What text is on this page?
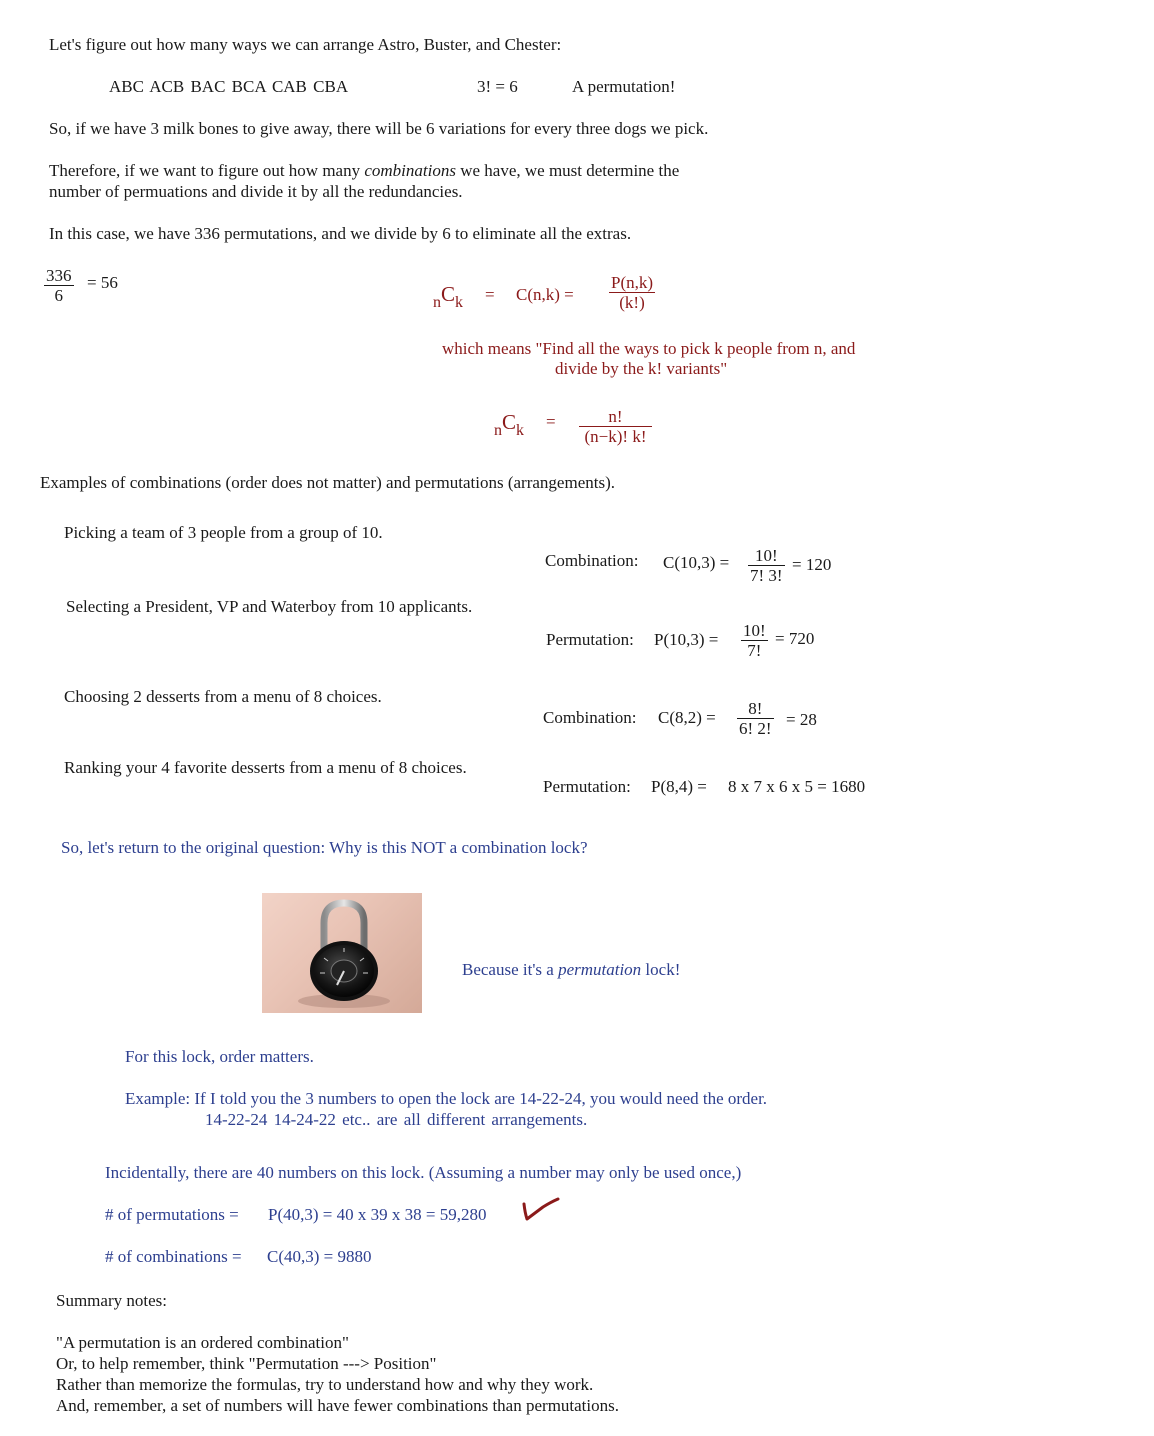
Let's figure out how many ways we can arrange Astro, Buster, and Chester:
ABC ACB BAC BCA CAB CBA	3! = 6	A permutation!
So, if we have 3 milk bones to give away, there will be 6 variations for every three dogs we pick.
Therefore, if we want to figure out how many combinations we have, we must determine the
number of permuations and divide it by all the redundancies.
In this case, we have 336 permutations, and we divide by 6 to eliminate all the extras.
$\frac{336}{6} = 56$
nCk = $C(n,k) = \frac{P(n,k)}{(k!)}$
which means "Find all the ways to pick k people from n, and
divide by the k! variants"
nCk = $\frac{n!}{(n-k)! k!}$
Examples of combinations (order does not matter) and permutations (arrangements).
Picking a team of 3 people from a group of 10.
Combination: $C(10,3) = \frac{10!}{7! 3!} = 120$
Selecting a President, VP and Waterboy from 10 applicants.
Permutation: $P(10,3) = \frac{10!}{7!} = 720$
Choosing 2 desserts from a menu of 8 choices.
Combination: $C(8,2) = \frac{8!}{6! 2!} = 28$
Ranking your 4 favorite desserts from a menu of 8 choices.
Permutation: P(8,4) = 8 x 7 x 6 x 5 = 1680
So, let's return to the original question: Why is this NOT a combination lock?
Because it's a permutation lock!
For this lock, order matters.
Example: If I told you the 3 numbers to open the lock are 14-22-24, you would need the order.
14-22-24 14-24-22 etc.. are all different arrangements.
Incidentally, there are 40 numbers on this lock. (Assuming a number may only be used once,)
# of permutations = P(40,3) = 40 x 39 x 38 = 59,280
# of combinations = C(40,3) = 9880
Summary notes:
"A permutation is an ordered combination"
Or, to help remember, think "Permutation ---> Position"
Rather than memorize the formulas, try to understand how and why they work.
And, remember, a set of numbers will have fewer combinations than permutations.
